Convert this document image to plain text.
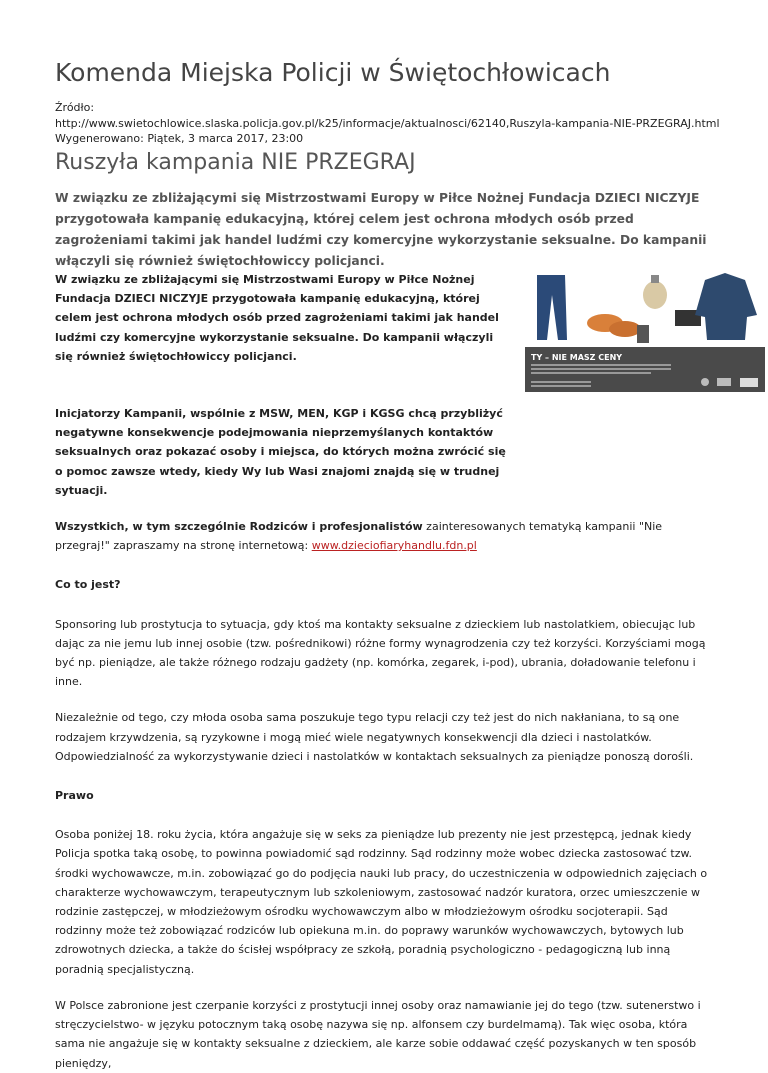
Komenda Miejska Policji w Świętochłowicach
Źródło:
http://www.swietochlowice.slaska.policja.gov.pl/k25/informacje/aktualnosci/62140,Ruszyla-kampania-NIE-PRZEGRAJ.html
Wygenerowano: Piątek, 3 marca 2017, 23:00
Ruszyła kampania NIE PRZEGRAJ
W związku ze zbliżającymi się Mistrzostwami Europy w Piłce Nożnej Fundacja DZIECI NICZYJE przygotowała kampanię edukacyjną, której celem jest ochrona młodych osób przed zagrożeniami takimi jak handel ludźmi czy komercyjne wykorzystanie seksualne. Do kampanii włączyli się również świętochłowiccy policjanci.
TY – NIE MASZ CENY

W związku ze zbliżającymi się Mistrzostwami Europy w Piłce Nożnej Fundacja DZIECI NICZYJE przygotowała kampanię edukacyjną, której celem jest ochrona młodych osób przed zagrożeniami takimi jak handel ludźmi czy komercyjne wykorzystanie seksualne. Do kampanii włączyli się również świętochłowiccy policjanci.

Inicjatorzy Kampanii, wspólnie z MSW, MEN, KGP i KGSG chcą przybliżyć negatywne konsekwencje podejmowania nieprzemyślanych kontaktów seksualnych oraz pokazać osoby i miejsca, do których można zwrócić się o pomoc zawsze wtedy, kiedy Wy lub Wasi znajomi znajdą się w trudnej sytuacji.

Wszystkich, w tym szczególnie Rodziców i profesjonalistów zainteresowanych tematyką kampanii "Nie przegraj!" zapraszamy na stronę internetową: www.dzieciofiaryhandlu.fdn.pl

Co to jest?

Sponsoring lub prostytucja to sytuacja, gdy ktoś ma kontakty seksualne z dzieckiem lub nastolatkiem, obiecując lub dając za nie jemu lub innej osobie (tzw. pośrednikowi) różne formy wynagrodzenia czy też korzyści. Korzyściami mogą być np. pieniądze, ale także różnego rodzaju gadżety (np. komórka, zegarek, i-pod), ubrania, doładowanie telefonu i inne.

Niezależnie od tego, czy młoda osoba sama poszukuje tego typu relacji czy też jest do nich nakłaniana, to są one rodzajem krzywdzenia, są ryzykowne i mogą mieć wiele negatywnych konsekwencji dla dzieci i nastolatków. Odpowiedzialność za wykorzystywanie dzieci i nastolatków w kontaktach seksualnych za pieniądze ponoszą dorośli.

Prawo

Osoba poniżej 18. roku życia, która angażuje się w seks za pieniądze lub prezenty nie jest przestępcą, jednak kiedy Policja spotka taką osobę, to powinna powiadomić sąd rodzinny. Sąd rodzinny może wobec dziecka zastosować tzw. środki wychowawcze, m.in. zobowiązać go do podjęcia nauki lub pracy, do uczestniczenia w odpowiednich zajęciach o charakterze wychowawczym, terapeutycznym lub szkoleniowym, zastosować nadzór kuratora, orzec umieszczenie w rodzinie zastępczej, w młodzieżowym ośrodku wychowawczym albo w młodzieżowym ośrodku socjoterapii. Sąd rodzinny może też zobowiązać rodziców lub opiekuna m.in. do poprawy warunków wychowawczych, bytowych lub zdrowotnych dziecka, a także do ścisłej współpracy ze szkołą, poradnią psychologiczno - pedagogiczną lub inną poradnią specjalistyczną.

W Polsce zabronione jest czerpanie korzyści z prostytucji innej osoby oraz namawianie jej do tego (tzw. sutenerstwo i stręczycielstwo- w języku potocznym taką osobę nazywa się np. alfonsem czy burdelmamą). Tak więc osoba, która sama nie angażuje się w kontakty seksualne z dzieckiem, ale karze sobie oddawać część pozyskanych w ten sposób pieniędzy,
